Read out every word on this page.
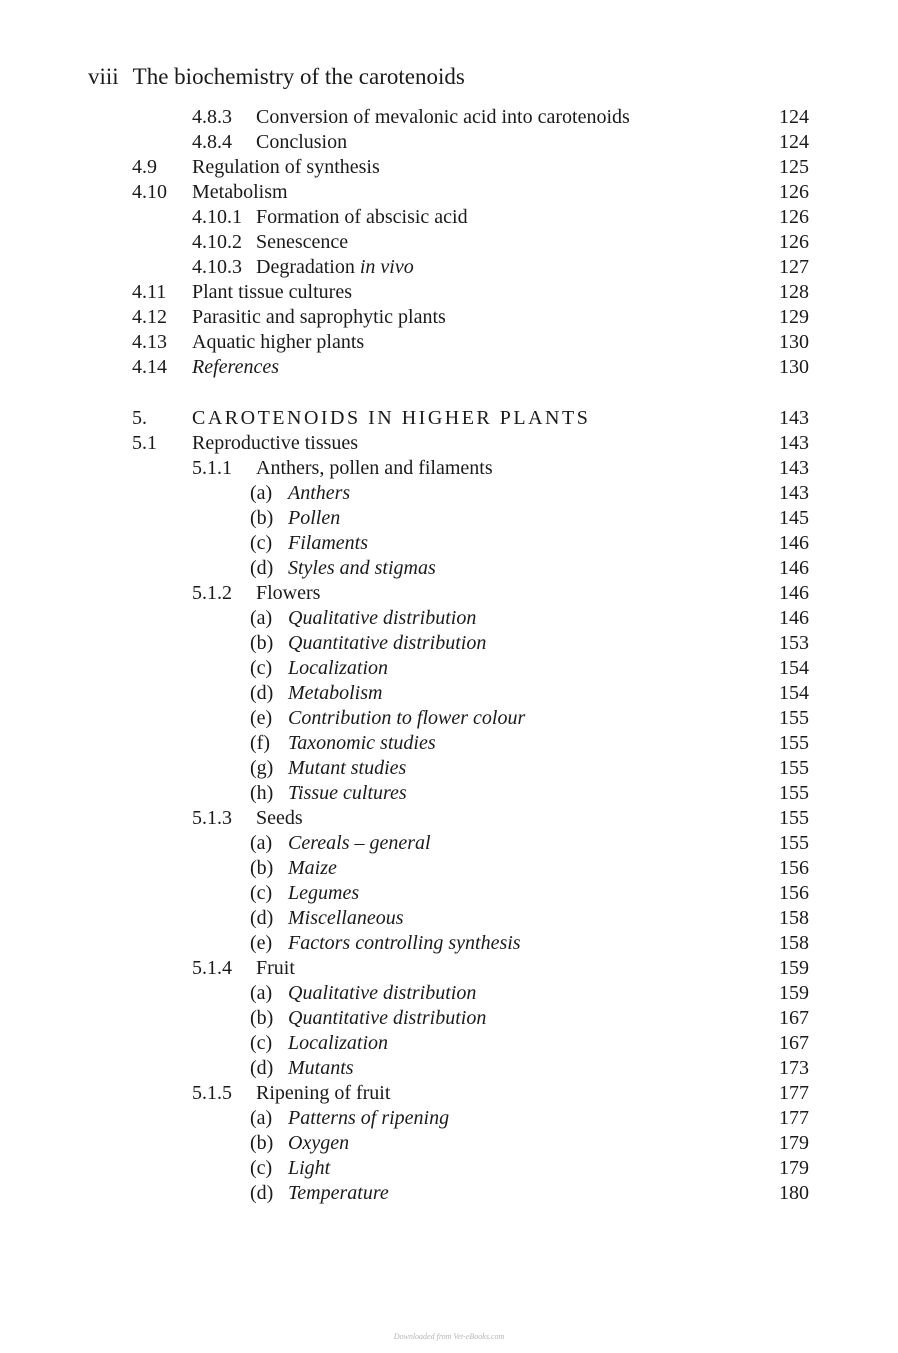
viii The biochemistry of the carotenoids
4.8.3 Conversion of mevalonic acid into carotenoids	124
4.8.4 Conclusion	124
4.9 Regulation of synthesis	125
4.10 Metabolism	126
4.10.1 Formation of abscisic acid	126
4.10.2 Senescence	126
4.10.3 Degradation in vivo	127
4.11 Plant tissue cultures	128
4.12 Parasitic and saprophytic plants	129
4.13 Aquatic higher plants	130
4.14 References	130
5. CAROTENOIDS IN HIGHER PLANTS	143
5.1 Reproductive tissues	143
5.1.1 Anthers, pollen and filaments	143
(a) Anthers	143
(b) Pollen	145
(c) Filaments	146
(d) Styles and stigmas	146
5.1.2 Flowers	146
(a) Qualitative distribution	146
(b) Quantitative distribution	153
(c) Localization	154
(d) Metabolism	154
(e) Contribution to flower colour	155
(f) Taxonomic studies	155
(g) Mutant studies	155
(h) Tissue cultures	155
5.1.3 Seeds	155
(a) Cereals – general	155
(b) Maize	156
(c) Legumes	156
(d) Miscellaneous	158
(e) Factors controlling synthesis	158
5.1.4 Fruit	159
(a) Qualitative distribution	159
(b) Quantitative distribution	167
(c) Localization	167
(d) Mutants	173
5.1.5 Ripening of fruit	177
(a) Patterns of ripening	177
(b) Oxygen	179
(c) Light	179
(d) Temperature	180
Downloaded from Vet-eBooks.com
